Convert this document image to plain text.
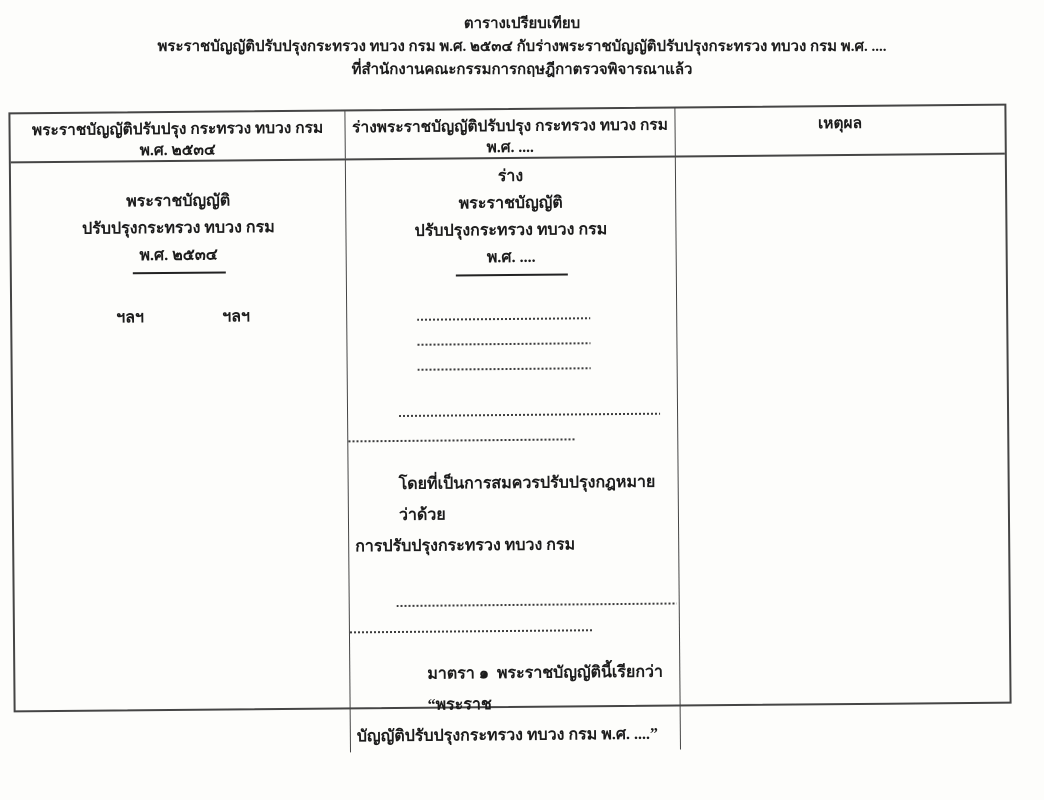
ตารางเปรียบเทียบ
พระราชบัญญัติปรับปรุงกระทรวง ทบวง กรม พ.ศ. ๒๕๓๔ กับร่างพระราชบัญญัติปรับปรุงกระทรวง ทบวง กรม พ.ศ. ....
ที่สำนักงานคณะกรรมการกฤษฎีกาตรวจพิจารณาแล้ว
พระราชบัญญัติปรับปรุง กระทรวง ทบวง กรม
พ.ศ. ๒๕๓๔
ร่างพระราชบัญญัติปรับปรุง กระทรวง ทบวง กรม
พ.ศ. ....
เหตุผล
พระราชบัญญัติ
ปรับปรุงกระทรวง ทบวง กรม
พ.ศ. ๒๕๓๔
ฯลฯ	ฯลฯ
ร่าง
พระราชบัญญัติ
ปรับปรุงกระทรวง ทบวง กรม
พ.ศ. ....
โดยที่เป็นการสมควรปรับปรุงกฎหมายว่าด้วย
การปรับปรุงกระทรวง ทบวง กรม
มาตรา ๑  พระราชบัญญัตินี้เรียกว่า “พระราช
บัญญัติปรับปรุงกระทรวง ทบวง กรม พ.ศ. ....”
